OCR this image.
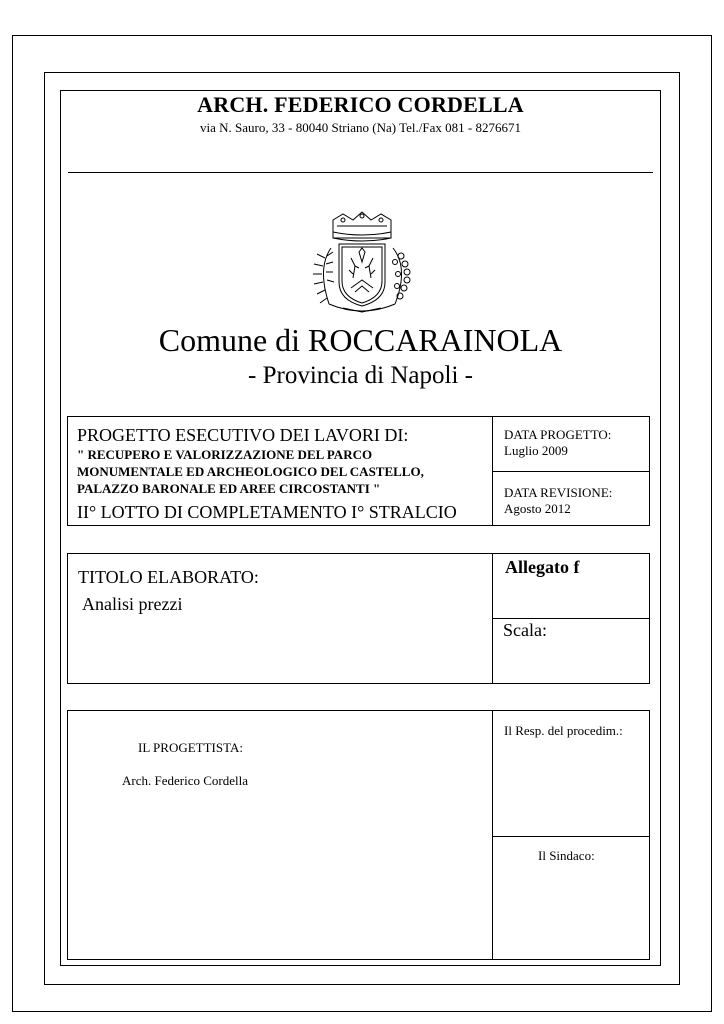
ARCH. FEDERICO CORDELLA
via N. Sauro, 33 - 80040 Striano (Na) Tel./Fax 081 - 8276671
Comune di ROCCARAINOLA
- Provincia di Napoli -
PROGETTO ESECUTIVO DEI LAVORI DI:
" RECUPERO E VALORIZZAZIONE DEL PARCO
MONUMENTALE ED ARCHEOLOGICO DEL CASTELLO,
PALAZZO BARONALE ED AREE CIRCOSTANTI "
II° LOTTO DI COMPLETAMENTO I° STRALCIO
DATA PROGETTO:
Luglio 2009
DATA REVISIONE:
Agosto 2012
TITOLO ELABORATO:
Analisi prezzi
Allegato f
Scala:
IL PROGETTISTA:
Arch. Federico Cordella
Il Resp. del procedim.:
Il Sindaco:
